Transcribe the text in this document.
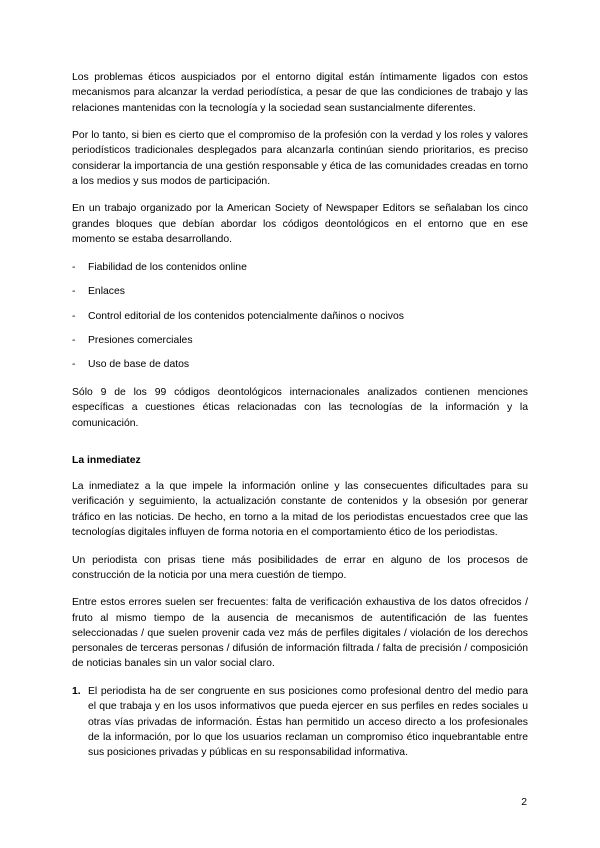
Los problemas éticos auspiciados por el entorno digital están íntimamente ligados con estos mecanismos para alcanzar la verdad periodística, a pesar de que las condiciones de trabajo y las relaciones mantenidas con la tecnología y la sociedad sean sustancialmente diferentes.

Por lo tanto, si bien es cierto que el compromiso de la profesión con la verdad y los roles y valores periodísticos tradicionales desplegados para alcanzarla continúan siendo prioritarios, es preciso considerar la importancia de una gestión responsable y ética de las comunidades creadas en torno a los medios y sus modos de participación.

En un trabajo organizado por la American Society of Newspaper Editors se señalaban los cinco grandes bloques que debían abordar los códigos deontológicos en el entorno que en ese momento se estaba desarrollando.

-	Fiabilidad de los contenidos online
-	Enlaces
-	Control editorial de los contenidos potencialmente dañinos o nocivos
-	Presiones comerciales
-	Uso de base de datos

Sólo 9 de los 99 códigos deontológicos internacionales analizados contienen menciones específicas a cuestiones éticas relacionadas con las tecnologías de la información y la comunicación.

La inmediatez

La inmediatez a la que impele la información online y las consecuentes dificultades para su verificación y seguimiento, la actualización constante de contenidos y la obsesión por generar tráfico en las noticias. De hecho, en torno a la mitad de los periodistas encuestados cree que las tecnologías digitales influyen de forma notoria en el comportamiento ético de los periodistas.

Un periodista con prisas tiene más posibilidades de errar en alguno de los procesos de construcción de la noticia por una mera cuestión de tiempo.

Entre estos errores suelen ser frecuentes: falta de verificación exhaustiva de los datos ofrecidos / fruto al mismo tiempo de la ausencia de mecanismos de autentificación de las fuentes seleccionadas / que suelen provenir cada vez más de perfiles digitales / violación de los derechos personales de terceras personas / difusión de información filtrada / falta de precisión / composición de noticias banales sin un valor social claro.

1. El periodista ha de ser congruente en sus posiciones como profesional dentro del medio para el que trabaja y en los usos informativos que pueda ejercer en sus perfiles en redes sociales u otras vías privadas de información. Éstas han permitido un acceso directo a los profesionales de la información, por lo que los usuarios reclaman un compromiso ético inquebrantable entre sus posiciones privadas y públicas en su responsabilidad informativa.
2
